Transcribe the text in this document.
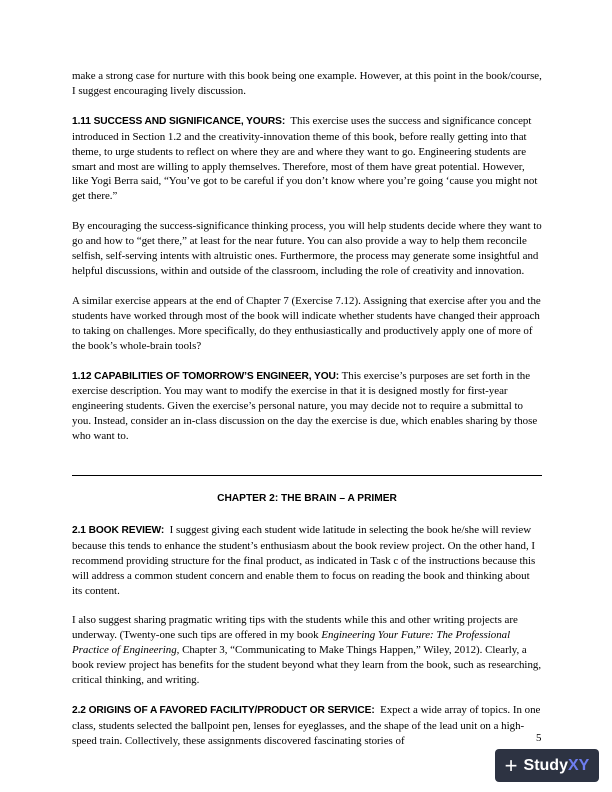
make a strong case for nurture with this book being one example. However, at this point in the book/course, I suggest encouraging lively discussion.

1.11 SUCCESS AND SIGNIFICANCE, YOURS: This exercise uses the success and significance concept introduced in Section 1.2 and the creativity-innovation theme of this book, before really getting into that theme, to urge students to reflect on where they are and where they want to go. Engineering students are smart and most are willing to apply themselves. Therefore, most of them have great potential. However, like Yogi Berra said, “You’ve got to be careful if you don’t know where you’re going ‘cause you might not get there.”

By encouraging the success-significance thinking process, you will help students decide where they want to go and how to “get there,” at least for the near future. You can also provide a way to help them reconcile selfish, self-serving intents with altruistic ones. Furthermore, the process may generate some insightful and helpful discussions, within and outside of the classroom, including the role of creativity and innovation.

A similar exercise appears at the end of Chapter 7 (Exercise 7.12). Assigning that exercise after you and the students have worked through most of the book will indicate whether students have changed their approach to taking on challenges. More specifically, do they enthusiastically and productively apply one of more of the book’s whole-brain tools?

1.12 CAPABILITIES OF TOMORROW’S ENGINEER, YOU: This exercise’s purposes are set forth in the exercise description. You may want to modify the exercise in that it is designed mostly for first-year engineering students. Given the exercise’s personal nature, you may decide not to require a submittal to you. Instead, consider an in-class discussion on the day the exercise is due, which enables sharing by those who want to.

CHAPTER 2: THE BRAIN – A PRIMER

2.1 BOOK REVIEW: I suggest giving each student wide latitude in selecting the book he/she will review because this tends to enhance the student’s enthusiasm about the book review project. On the other hand, I recommend providing structure for the final product, as indicated in Task c of the instructions because this will address a common student concern and enable them to focus on reading the book and thinking about its content.

I also suggest sharing pragmatic writing tips with the students while this and other writing projects are underway. (Twenty-one such tips are offered in my book Engineering Your Future: The Professional Practice of Engineering, Chapter 3, “Communicating to Make Things Happen,” Wiley, 2012). Clearly, a book review project has benefits for the student beyond what they learn from the book, such as researching, critical thinking, and writing.

2.2 ORIGINS OF A FAVORED FACILITY/PRODUCT OR SERVICE: Expect a wide array of topics. In one class, students selected the ballpoint pen, lenses for eyeglasses, and the shape of the lead unit on a high-speed train. Collectively, these assignments discovered fascinating stories of	5
+ Study XY
